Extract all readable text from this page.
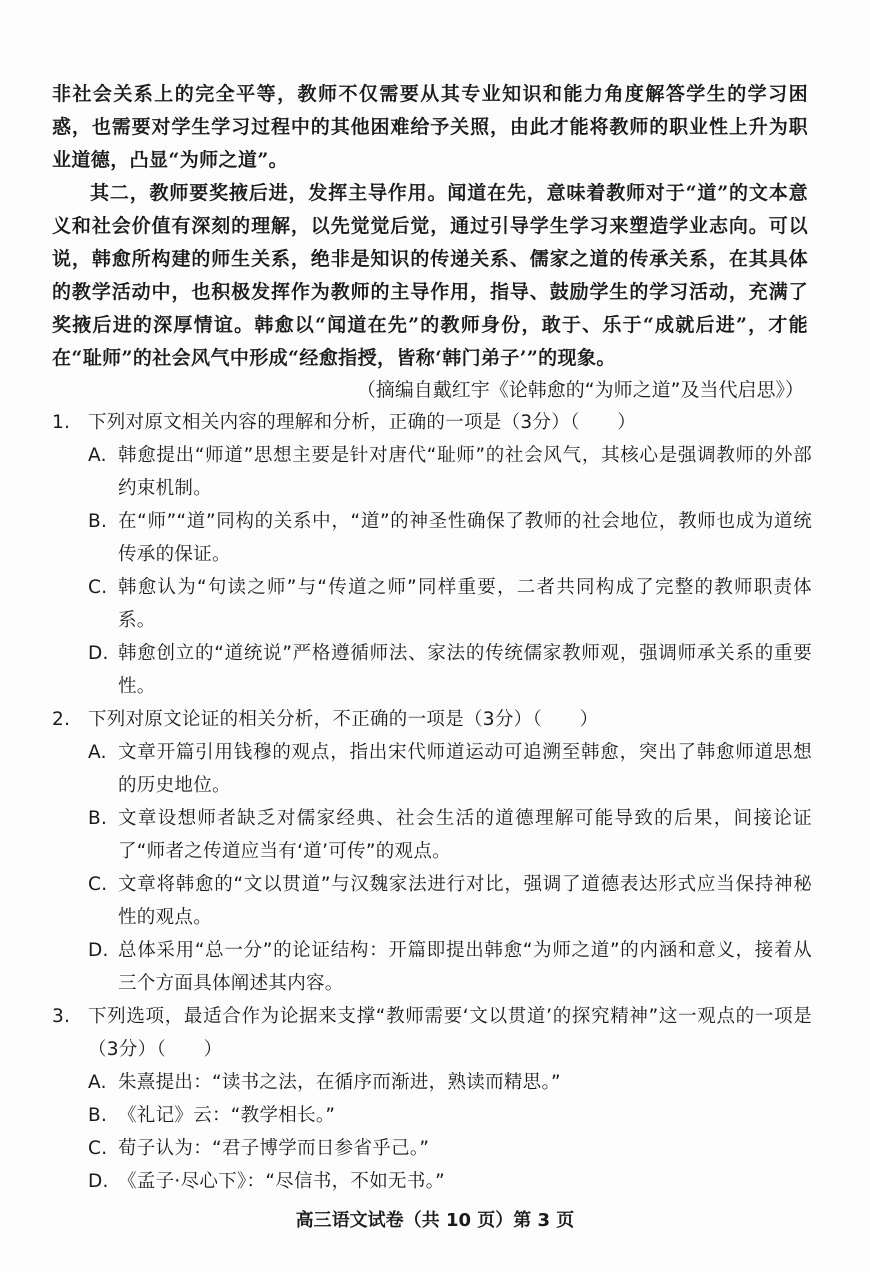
非社会关系上的完全平等，教师不仅需要从其专业知识和能力角度解答学生的学习困惑，也需要对学生学习过程中的其他困难给予关照，由此才能将教师的职业性上升为职业道德，凸显“为师之道”。

其二，教师要奖掖后进，发挥主导作用。闻道在先，意味着教师对于“道”的文本意义和社会价值有深刻的理解，以先觉觉后觉，通过引导学生学习来塑造学业志向。可以说，韩愈所构建的师生关系，绝非是知识的传递关系、儒家之道的传承关系，在其具体的教学活动中，也积极发挥作为教师的主导作用，指导、鼓励学生的学习活动，充满了奖掖后进的深厚情谊。韩愈以“闻道在先”的教师身份，敢于、乐于“成就后进”，才能在“耻师”的社会风气中形成“经愈指授，皆称‘韩门弟子’”的现象。

（摘编自戴红宇《论韩愈的“为师之道”及当代启思》）
1. 下列对原文相关内容的理解和分析，正确的一项是（3分）（　　）
A. 韩愈提出“师道”思想主要是针对唐代“耻师”的社会风气，其核心是强调教师的外部约束机制。
B. 在“师”“道”同构的关系中，“道”的神圣性确保了教师的社会地位，教师也成为道统传承的保证。
C. 韩愈认为“句读之师”与“传道之师”同样重要，二者共同构成了完整的教师职责体系。
D. 韩愈创立的“道统说”严格遵循师法、家法的传统儒家教师观，强调师承关系的重要性。
2. 下列对原文论证的相关分析，不正确的一项是（3分）（　　）
A. 文章开篇引用钱穆的观点，指出宋代师道运动可追溯至韩愈，突出了韩愈师道思想的历史地位。
B. 文章设想师者缺乏对儒家经典、社会生活的道德理解可能导致的后果，间接论证了“师者之传道应当有‘道’可传”的观点。
C. 文章将韩愈的“文以贯道”与汉魏家法进行对比，强调了道德表达形式应当保持神秘性的观点。
D. 总体采用“总一分”的论证结构：开篇即提出韩愈“为师之道”的内涵和意义，接着从三个方面具体阐述其内容。
3. 下列选项，最适合作为论据来支撑“教师需要‘文以贯道’的探究精神”这一观点的一项是（3分）（　　）
A. 朱熹提出：“读书之法，在循序而渐进，熟读而精思。”
B. 《礼记》云：“教学相长。”
C. 荀子认为：“君子博学而日参省乎己。”
D. 《孟子·尽心下》：“尽信书，不如无书。”
高三语文试卷（共 10 页）第 3 页
